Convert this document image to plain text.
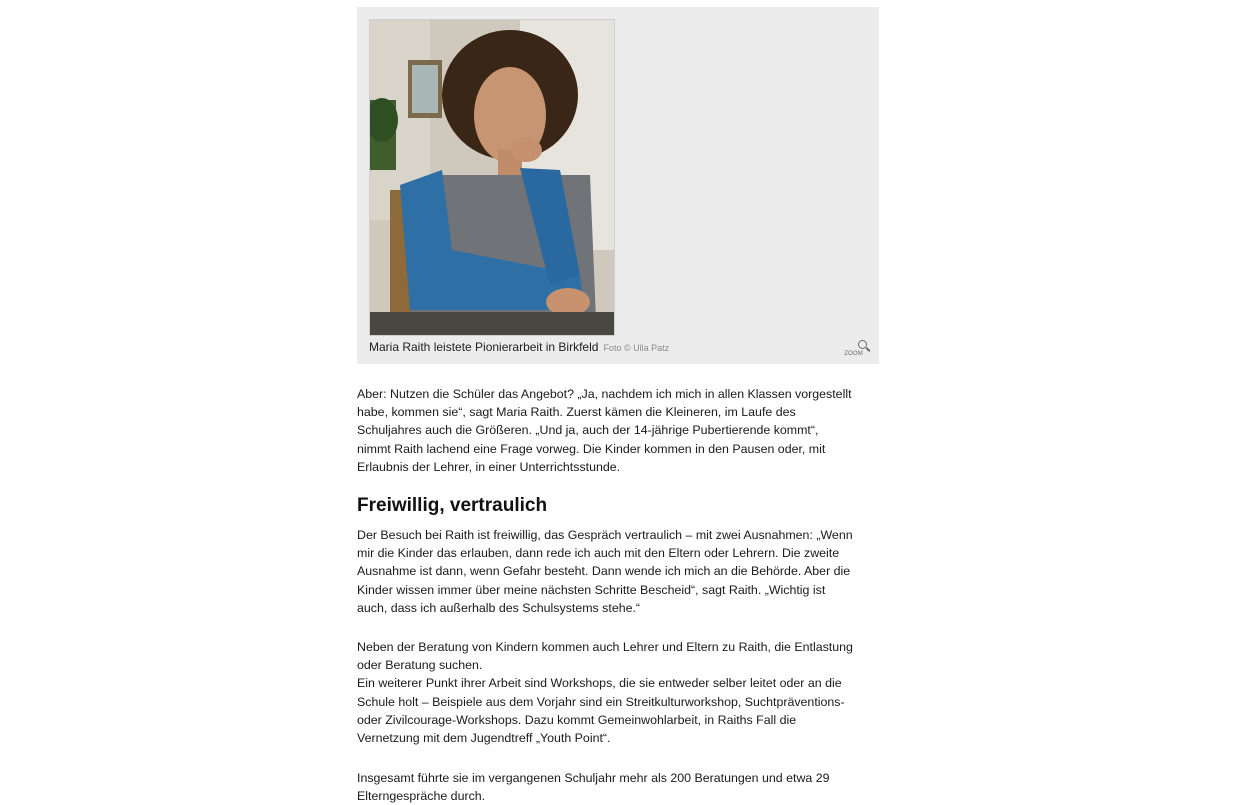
Maria Raith leistete Pionierarbeit in Birkfeld Foto © Ulla Patz
ZOOM

Aber: Nutzen die Schüler das Angebot? „Ja, nachdem ich mich in allen Klassen vorgestellt
habe, kommen sie“, sagt Maria Raith. Zuerst kämen die Kleineren, im Laufe des
Schuljahres auch die Größeren. „Und ja, auch der 14-jährige Pubertierende kommt“,
nimmt Raith lachend eine Frage vorweg. Die Kinder kommen in den Pausen oder, mit
Erlaubnis der Lehrer, in einer Unterrichtsstunde.

Freiwillig, vertraulich

Der Besuch bei Raith ist freiwillig, das Gespräch vertraulich – mit zwei Ausnahmen: „Wenn
mir die Kinder das erlauben, dann rede ich auch mit den Eltern oder Lehrern. Die zweite
Ausnahme ist dann, wenn Gefahr besteht. Dann wende ich mich an die Behörde. Aber die
Kinder wissen immer über meine nächsten Schritte Bescheid“, sagt Raith. „Wichtig ist
auch, dass ich außerhalb des Schulsystems stehe.“

Neben der Beratung von Kindern kommen auch Lehrer und Eltern zu Raith, die Entlastung
oder Beratung suchen.
Ein weiterer Punkt ihrer Arbeit sind Workshops, die sie entweder selber leitet oder an die
Schule holt – Beispiele aus dem Vorjahr sind ein Streitkulturworkshop, Suchtpräventions-
oder Zivilcourage-Workshops. Dazu kommt Gemeinwohlarbeit, in Raiths Fall die
Vernetzung mit dem Jugendtreff „Youth Point“.

Insgesamt führte sie im vergangenen Schuljahr mehr als 200 Beratungen und etwa 29
Elterngespräche durch.
